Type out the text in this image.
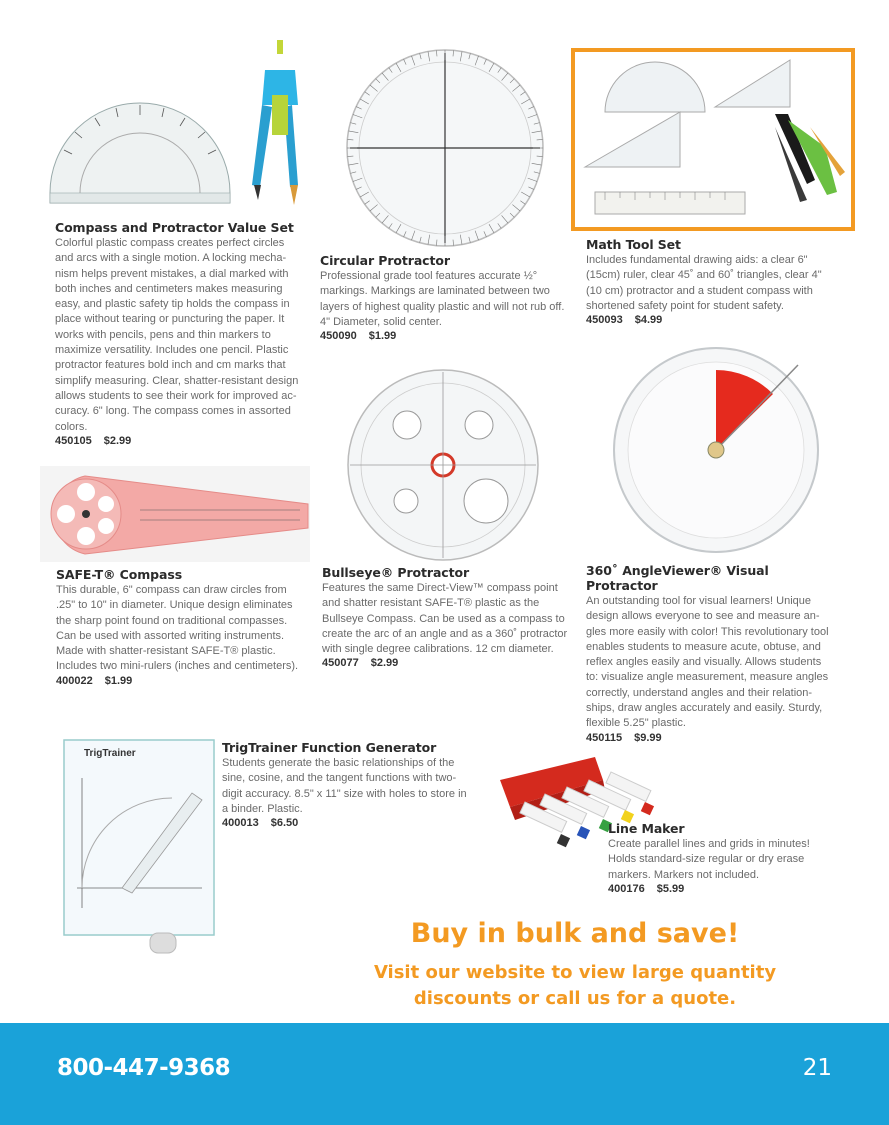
TrigTrainer
Compass and Protractor Value Set
Colorful plastic compass creates perfect circles and arcs with a single motion. A locking mecha-nism helps prevent mistakes, a dial marked with both inches and centimeters makes measuring easy, and plastic safety tip holds the compass in place without tearing or puncturing the paper. It works with pencils, pens and thin markers to maximize versatility. Includes one pencil. Plastic protractor features bold inch and cm marks that simplify measuring. Clear, shatter-resistant design allows students to see their work for improved ac-curacy. 6" long. The compass comes in assorted colors.
450105 $2.99
Circular Protractor
Professional grade tool features accurate ½° markings. Markings are laminated between two layers of highest quality plastic and will not rub off. 4" Diameter, solid center.
450090 $1.99
Math Tool Set
Includes fundamental drawing aids: a clear 6" (15cm) ruler, clear 45˚ and 60˚ triangles, clear 4" (10 cm) protractor and a student compass with shortened safety point for student safety.
450093 $4.99
SAFE-T® Compass
This durable, 6" compass can draw circles from .25" to 10" in diameter. Unique design eliminates the sharp point found on traditional compasses. Can be used with assorted writing instruments. Made with shatter-resistant SAFE-T® plastic. Includes two mini-rulers (inches and centimeters).
400022 $1.99
Bullseye® Protractor
Features the same Direct-View™ compass point and shatter resistant SAFE-T® plastic as the Bullseye Compass. Can be used as a compass to create the arc of an angle and as a 360˚ protractor with single degree calibrations. 12 cm diameter.
450077 $2.99
360˚ AngleViewer® Visual Protractor
An outstanding tool for visual learners! Unique design allows everyone to see and measure an-gles more easily with color! This revolutionary tool enables students to measure acute, obtuse, and reflex angles easily and visually. Allows students to: visualize angle measurement, measure angles correctly, understand angles and their relation-ships, draw angles accurately and easily. Sturdy, flexible 5.25" plastic.
450115 $9.99
TrigTrainer Function Generator
Students generate the basic relationships of the sine, cosine, and the tangent functions with two-digit accuracy. 8.5" x 11" size with holes to store in a binder. Plastic.
400013 $6.50	Line Maker
Create parallel lines and grids in minutes! Holds standard-size regular or dry erase markers. Markers not included.
400176 $5.99
Buy in bulk and save!
Visit our website to view large quantity discounts or call us for a quote.
800-447-9368	21
